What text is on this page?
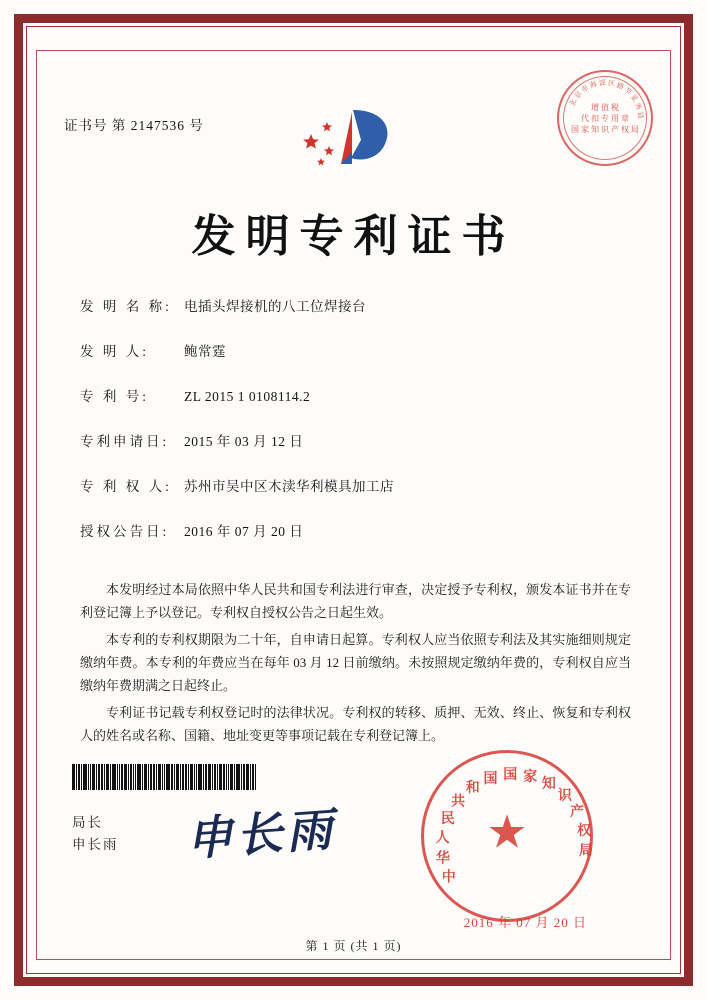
证书号 第 2147536 号
北
京
市
海 淀 区 路
节
亚
务
局
增 值 税
代 扣 专 用 章
国 家 知 识 产 权 局
发明专利证书
发 明 名 称: 电插头焊接机的八工位焊接台
发 明 人:	鲍常霆
专 利 号:	ZL 2015 1 0108114.2
专利申请日:	2015 年 03 月 12 日
专 利 权 人: 苏州市吴中区木渎华利模具加工店
授权公告日:	2016 年 07 月 20 日

本发明经过本局依照中华人民共和国专利法进行审查，决定授予专利权，颁发本证书并在专利登记簿上予以登记。专利权自授权公告之日起生效。

本专利的专利权期限为二十年，自申请日起算。专利权人应当依照专利法及其实施细则规定缴纳年费。本专利的年费应当在每年 03 月 12 日前缴纳。未按照规定缴纳年费的，专利权自应当缴纳年费期满之日起终止。

专利证书记载专利权登记时的法律状况。专利权的转移、质押、无效、终止、恢复和专利权人的姓名或名称、国籍、地址变更等事项记载在专利登记簿上。

局长
申长雨 申长雨
中
华
人
民
共
和
国 国 家 知
识
产
权
局
★
2016 年 07 月 20 日
第 1 页 (共 1 页)
